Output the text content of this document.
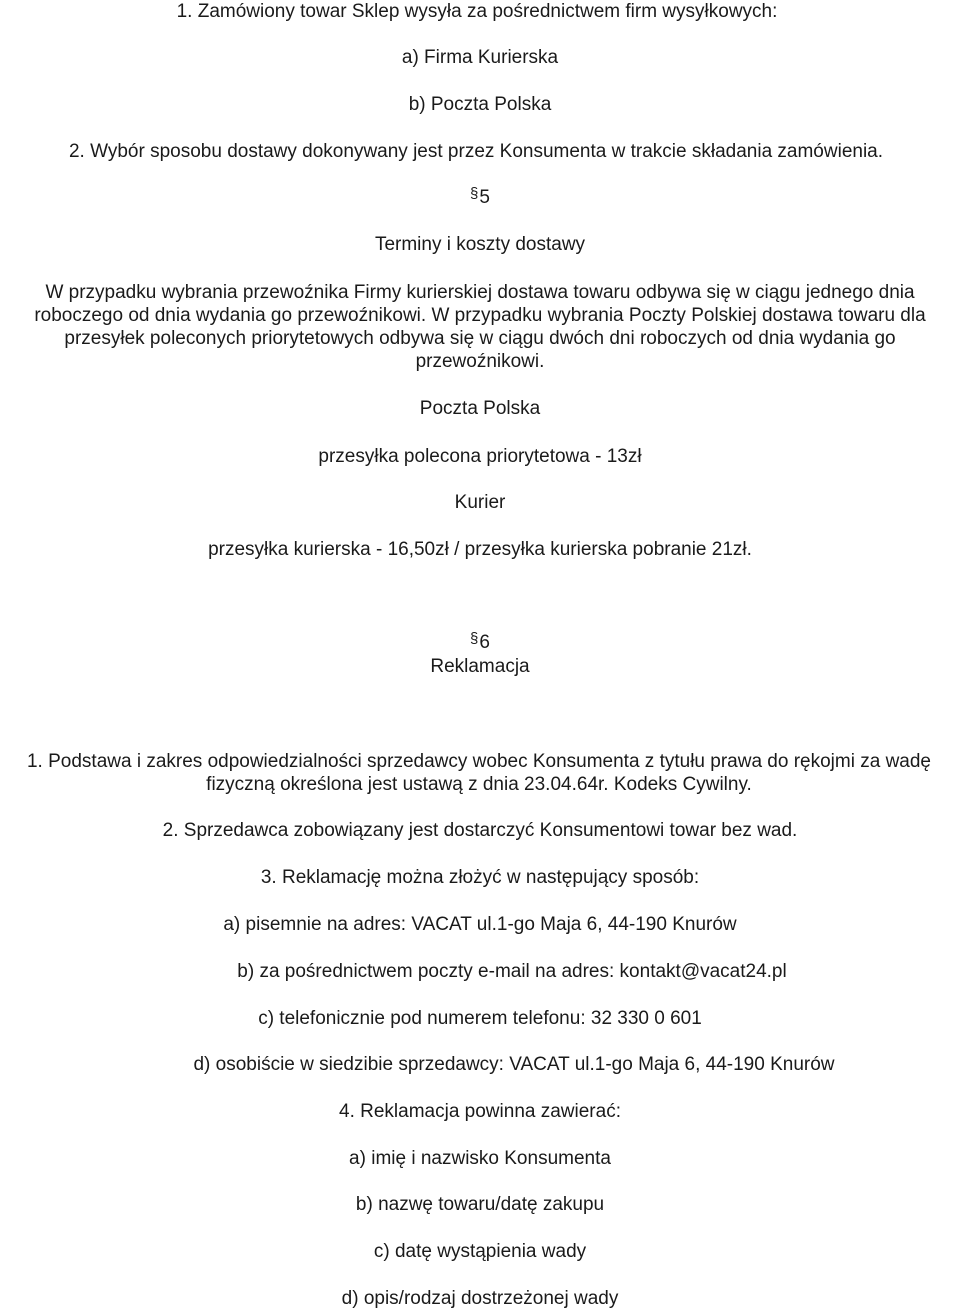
1. Zamówiony towar Sklep wysyła za pośrednictwem firm wysyłkowych:
a) Firma Kurierska
b) Poczta Polska
2. Wybór sposobu dostawy dokonywany jest przez Konsumenta w trakcie składania zamówienia.
§5
Terminy i koszty dostawy
W przypadku wybrania przewoźnika Firmy kurierskiej dostawa towaru odbywa się w ciągu jednego dnia roboczego od dnia wydania go przewoźnikowi. W przypadku wybrania Poczty Polskiej dostawa towaru dla przesyłek poleconych priorytetowych odbywa się w ciągu dwóch dni roboczych od dnia wydania go przewoźnikowi.
Poczta Polska
przesyłka polecona priorytetowa - 13zł
Kurier
przesyłka kurierska - 16,50zł / przesyłka kurierska pobranie 21zł.
§6
Reklamacja
1. Podstawa i zakres odpowiedzialności sprzedawcy wobec Konsumenta z tytułu prawa do rękojmi za wadę fizyczną określona jest ustawą z dnia 23.04.64r. Kodeks Cywilny.
2. Sprzedawca zobowiązany jest dostarczyć Konsumentowi towar bez wad.
3. Reklamację można złożyć w następujący sposób:
a) pisemnie na adres: VACAT ul.1-go Maja 6, 44-190 Knurów
b) za pośrednictwem poczty e-mail na adres: kontakt@vacat24.pl
c) telefonicznie pod numerem telefonu: 32 330 0 601
d) osobiście w siedzibie sprzedawcy: VACAT ul.1-go Maja 6, 44-190 Knurów
4. Reklamacja powinna zawierać:
a) imię i nazwisko Konsumenta
b) nazwę towaru/datę zakupu
c) datę wystąpienia wady
d) opis/rodzaj dostrzeżonej wady
